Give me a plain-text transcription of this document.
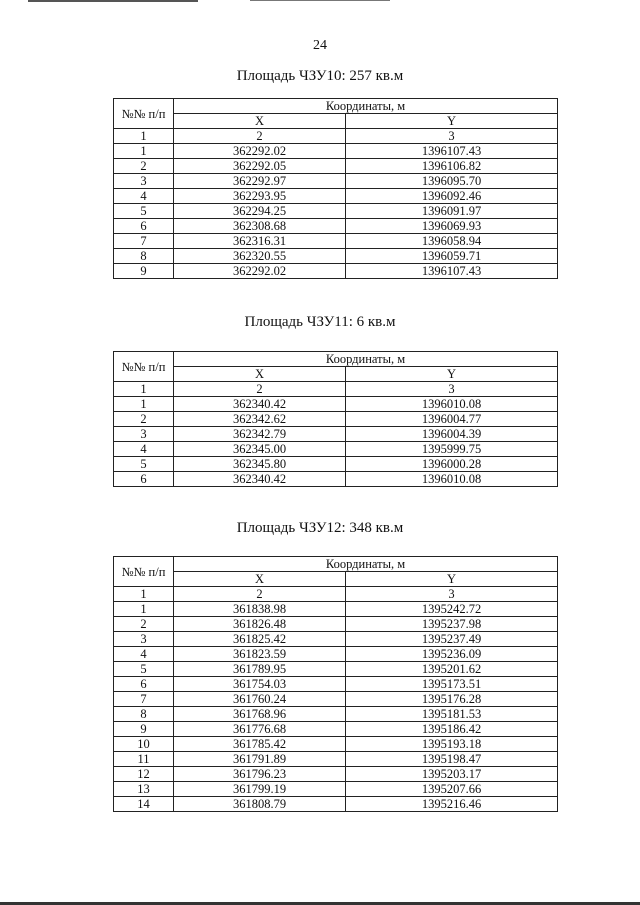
24
Площадь ЧЗУ10: 257 кв.м
№№ п/п	Координаты, м	
	X	Y
1	2	3
1	362292.02	1396107.43
2	362292.05	1396106.82
3	362292.97	1396095.70
4	362293.95	1396092.46
5	362294.25	1396091.97
6	362308.68	1396069.93
7	362316.31	1396058.94
8	362320.55	1396059.71
9	362292.02	1396107.43
Площадь ЧЗУ11: 6 кв.м
№№ п/п	Координаты, м	
	X	Y
1	2	3
1	362340.42	1396010.08
2	362342.62	1396004.77
3	362342.79	1396004.39
4	362345.00	1395999.75
5	362345.80	1396000.28
6	362340.42	1396010.08
Площадь ЧЗУ12: 348 кв.м
№№ п/п	Координаты, м	
	X	Y
1	2	3
1	361838.98	1395242.72
2	361826.48	1395237.98
3	361825.42	1395237.49
4	361823.59	1395236.09
5	361789.95	1395201.62
6	361754.03	1395173.51
7	361760.24	1395176.28
8	361768.96	1395181.53
9	361776.68	1395186.42
10	361785.42	1395193.18
11	361791.89	1395198.47
12	361796.23	1395203.17
13	361799.19	1395207.66
14	361808.79	1395216.46
